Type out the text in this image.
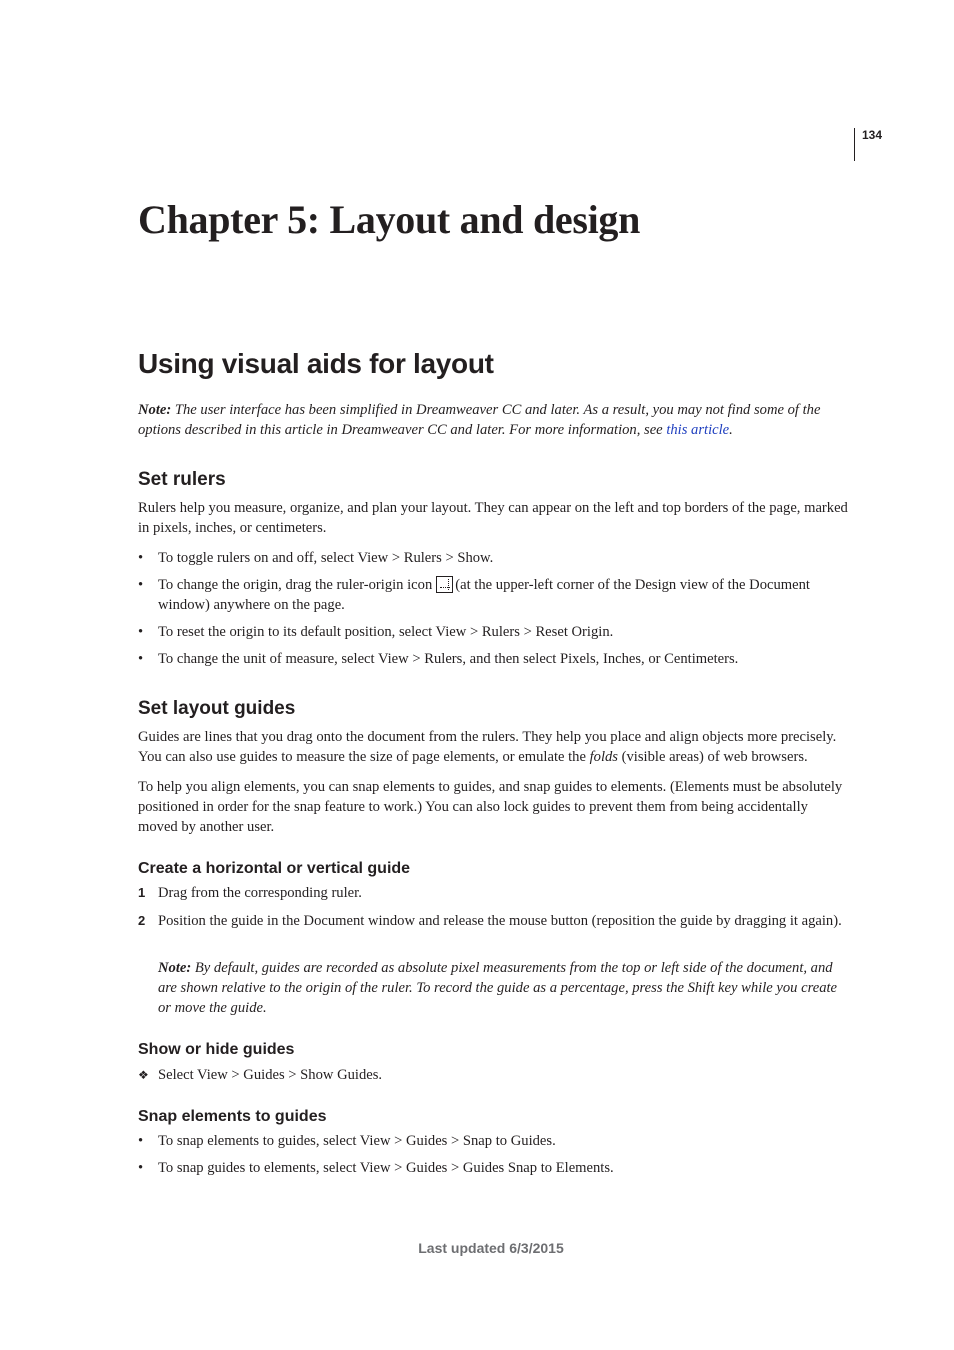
134
Chapter 5: Layout and design
Using visual aids for layout

Note: The user interface has been simplified in Dreamweaver CC and later. As a result, you may not find some of the options described in this article in Dreamweaver CC and later. For more information, see this article.

Set rulers

Rulers help you measure, organize, and plan your layout. They can appear on the left and top borders of the page, marked in pixels, inches, or centimeters.

•	To toggle rulers on and off, select View > Rulers > Show.
•	To change the origin, drag the ruler-origin icon (at the upper-left corner of the Design view of the Document window) anywhere on the page.
•	To reset the origin to its default position, select View > Rulers > Reset Origin.
•	To change the unit of measure, select View > Rulers, and then select Pixels, Inches, or Centimeters.
Set layout guides

Guides are lines that you drag onto the document from the rulers. They help you place and align objects more precisely. You can also use guides to measure the size of page elements, or emulate the folds (visible areas) of web browsers.

To help you align elements, you can snap elements to guides, and snap guides to elements. (Elements must be absolutely positioned in order for the snap feature to work.) You can also lock guides to prevent them from being accidentally moved by another user.

Create a horizontal or vertical guide
1 Drag from the corresponding ruler.
2 Position the guide in the Document window and release the mouse button (reposition the guide by dragging it again).

Note: By default, guides are recorded as absolute pixel measurements from the top or left side of the document, and are shown relative to the origin of the ruler. To record the guide as a percentage, press the Shift key while you create or move the guide.

Show or hide guides
❖ Select View > Guides > Show Guides.
Snap elements to guides
•	To snap elements to guides, select View > Guides > Snap to Guides.
•	To snap guides to elements, select View > Guides > Guides Snap to Elements.
Last updated 6/3/2015
